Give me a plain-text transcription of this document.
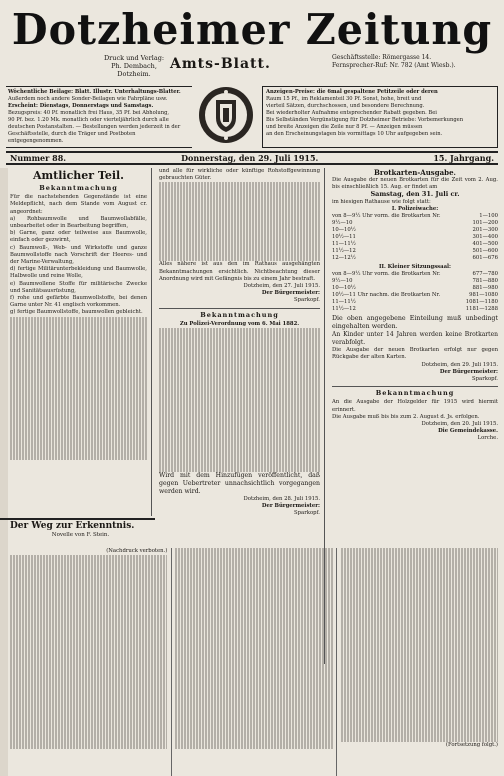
Dotzheimer Zeitung
Druck und Verlag:
Ph. Dembach, Dotzheim.
Amts-Blatt.	Geschäftsstelle: Römergasse 14.
Fernsprecher-Ruf: Nr. 782 (Amt Wiesb.).
Wöchentliche Beilage: Blatt. Illustr. Unterhaltungs-Blatter.
Außerdem noch andere Sonder-Beilagen wie Fahrpläne usw.
Erscheint: Dienstags, Donnerstags und Samstags.
Bezugspreis: 40 Pf. monatlich frei Haus, 35 Pf. bei Abholung,
90 Pf. bez. 1.20 Mk. monatlich oder vierteljährlich durch alle
deutschen Postanstalten. — Bestellungen werden jederzeit in der
Geschäftsstelle, durch die Träger und Postboten entgegengenommen.
Anzeigen-Preise: die 6mal gespaltene Petitzeile oder deren
Raum 15 Pf., im Reklamenteil 30 Pf. Sonst, hohe, breit und
vierteil Sätzen, durchschossen, und besondere Berechnung.
Bei wiederholter Aufnahme entsprechender Rabatt gegeben. Bei
Bis Selbständen Vergünstigung für Dotzheimer Betriebe: Vorbemerkungen
und breite Anzeigen die Zeile nur 8 Pf. — Anzeigen müssen
an den Erscheinungstagen bis vormittags 10 Uhr aufgegeben sein.
Nummer 88.	Donnerstag, den 29. Juli 1915.	15. Jahrgang.
Amtlicher Teil.
Bekanntmachung
Für die nachstehenden Gegenstände ist eine Meldepflicht, nach dem Stande vom August cr. angeordnet:
a) Rohbaumwolle und Baumwollabfälle, unbearbeitet oder in Bearbeitung begriffen,
b) Garne, ganz oder teilweise aus Baumwolle, einfach oder gezwirnt,
c) Baumwoll-, Web- und Wirkstoffe und ganze Baumwollstoffe nach Vorschrift der Heeres- und der Marine-Verwaltung,
d) fertige Militärunterbekleidung und Baumwolle, Halbwolle und reine Wolle,
e) Baumwollene Stoffe für militärische Zwecke und Sanitätsausrüstung,
f) rohe und gefärbte Baumwollstoffe, bei denen Garne unter Nr. 41 englisch vorkommen.
g) fertige Baumwollstoffe, baumwollen gebleicht.
und alle für wirkliche oder künftige Rohstoffgewinnung gebrauchten Güter.
Alles nähere ist aus den im Rathaus ausgehängten Bekanntmachungen ersichtlich. Nichtbeachtung dieser Anordnung wird mit Gefängnis bis zu einem Jahr bestraft.
Dotzheim, den 27. Juli 1915.
Der Bürgermeister:
Sparkopf.
Bekanntmachung
Zu Polizei-Verordnung vom 6. Mai 1882.
Wird mit dem Hinzufügen veröffentlicht, daß gegen Uebertreter unnachsichtlich vorgegangen werden wird.
Dotzheim, den 28. Juli 1915.
Der Bürgermeister:
Sparkopf.
Brotkarten-Ausgabe.
Die Ausgabe der neuen Brotkarten für die Zeit vom 2. Aug. bis einschließlich 15. Aug. er findet am
Samstag, den 31. Juli cr.
im hiesigen Rathause wie folgt statt:
I. Polizeiwache:
von 8—9½ Uhr vorm. die Brotkarten Nr.	1—100
9½—10	101—200
10—10½	201—300
10½—11	301—400
11—11½	401—500
11½—12	501—600
12—12½	601—676
II. Kleiner Sitzungssaal:
von 8—9½ Uhr vorm. die Brotkarten Nr.	677—780
9½—10	781—880
10—10½	881—980
10½—11 Uhr nachm. die Brotkarten Nr.	981—1080
11—11½	1081—1180
11½—12	1181—1288
Die oben angegebene Einteilung muß unbedingt eingehalten werden.
An Kinder unter 14 Jahren werden keine Brotkarten verabfolgt.
Die Ausgabe der neuen Brotkarten erfolgt nur gegen Rückgabe der alten Karten.
Dotzheim, den 29. Juli 1915.
Der Bürgermeister:
Sparkopf.
Bekanntmachung
An die Ausgabe der Holzgelder für 1915 wird hiermit erinnert.
Die Ausgabe muß bis bis zum 2. August d. Js. erfolgen.
Dotzheim, den 20. Juli 1915.
Die Gemeindekasse.
Lorche.
Der Weg zur Erkenntnis.
Novelle von F. Stein.
(Nachdruck verboten.)
(Fortsetzung folgt.)
